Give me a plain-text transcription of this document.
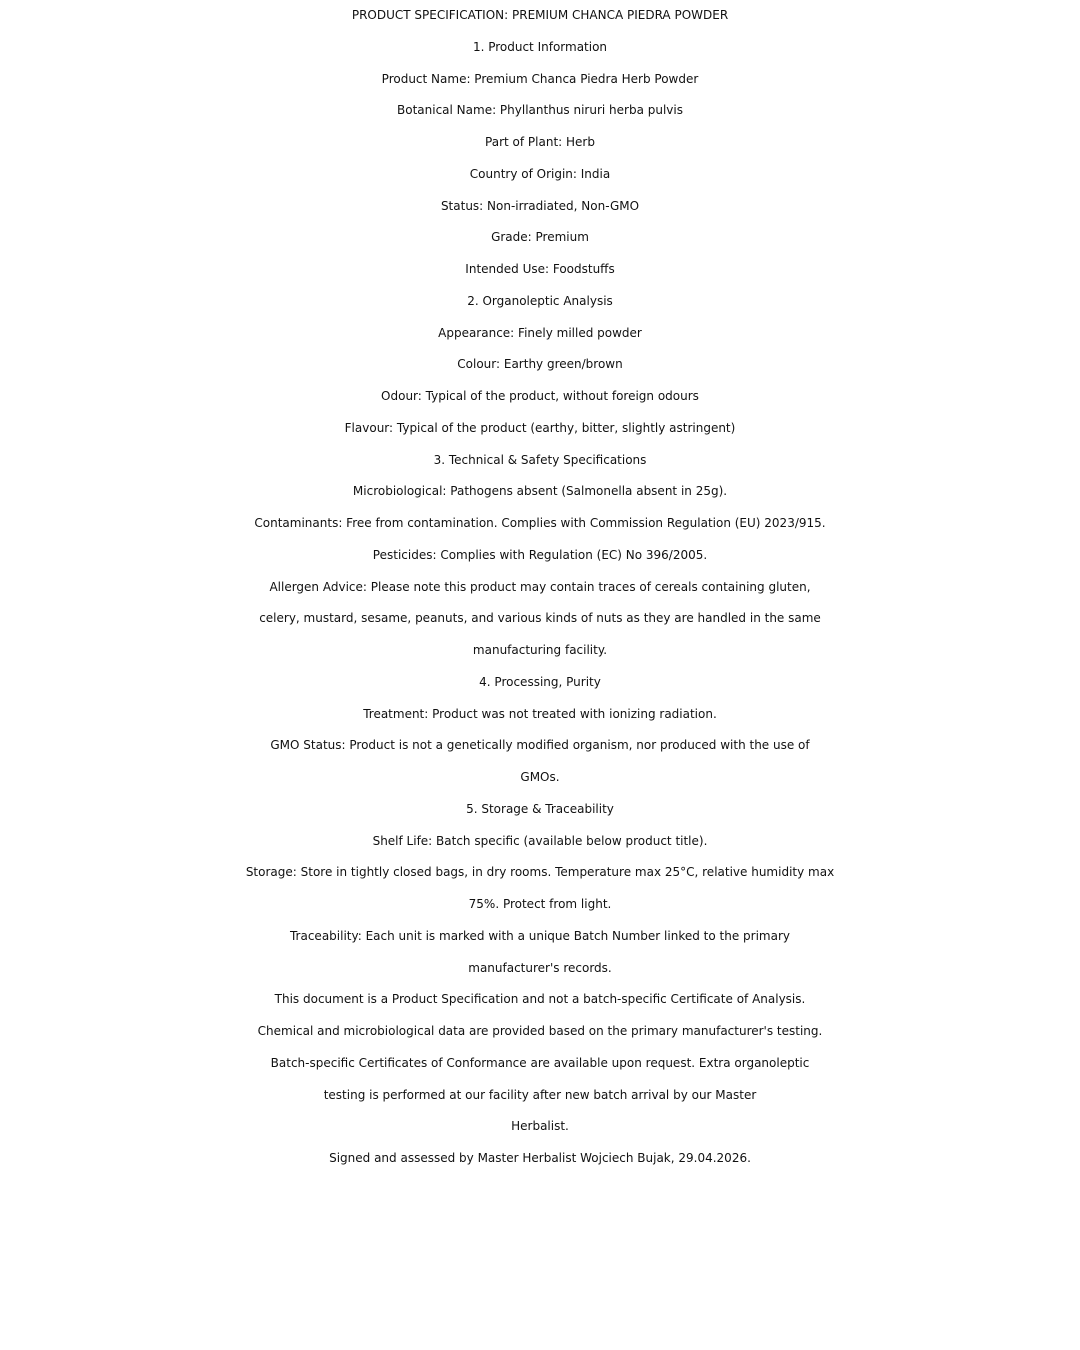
PRODUCT SPECIFICATION: PREMIUM CHANCA PIEDRA POWDER
1. Product Information
Product Name: Premium Chanca Piedra Herb Powder
Botanical Name: Phyllanthus niruri herba pulvis
Part of Plant: Herb
Country of Origin: India
Status: Non-irradiated, Non-GMO
Grade: Premium
Intended Use: Foodstuffs
2. Organoleptic Analysis
Appearance: Finely milled powder
Colour: Earthy green/brown
Odour: Typical of the product, without foreign odours
Flavour: Typical of the product (earthy, bitter, slightly astringent)
3. Technical & Safety Specifications
Microbiological: Pathogens absent (Salmonella absent in 25g).
Contaminants: Free from contamination. Complies with Commission Regulation (EU) 2023/915.
Pesticides: Complies with Regulation (EC) No 396/2005.
Allergen Advice: Please note this product may contain traces of cereals containing gluten,
celery, mustard, sesame, peanuts, and various kinds of nuts as they are handled in the same
manufacturing facility.
4. Processing, Purity
Treatment: Product was not treated with ionizing radiation.
GMO Status: Product is not a genetically modified organism, nor produced with the use of
GMOs.
5. Storage & Traceability
Shelf Life: Batch specific (available below product title).
Storage: Store in tightly closed bags, in dry rooms. Temperature max 25°C, relative humidity max
75%. Protect from light.
Traceability: Each unit is marked with a unique Batch Number linked to the primary
manufacturer's records.
This document is a Product Specification and not a batch-specific Certificate of Analysis.
Chemical and microbiological data are provided based on the primary manufacturer's testing.
Batch-specific Certificates of Conformance are available upon request. Extra organoleptic
testing is performed at our facility after new batch arrival by our Master
Herbalist.
Signed and assessed by Master Herbalist Wojciech Bujak, 29.04.2026.
